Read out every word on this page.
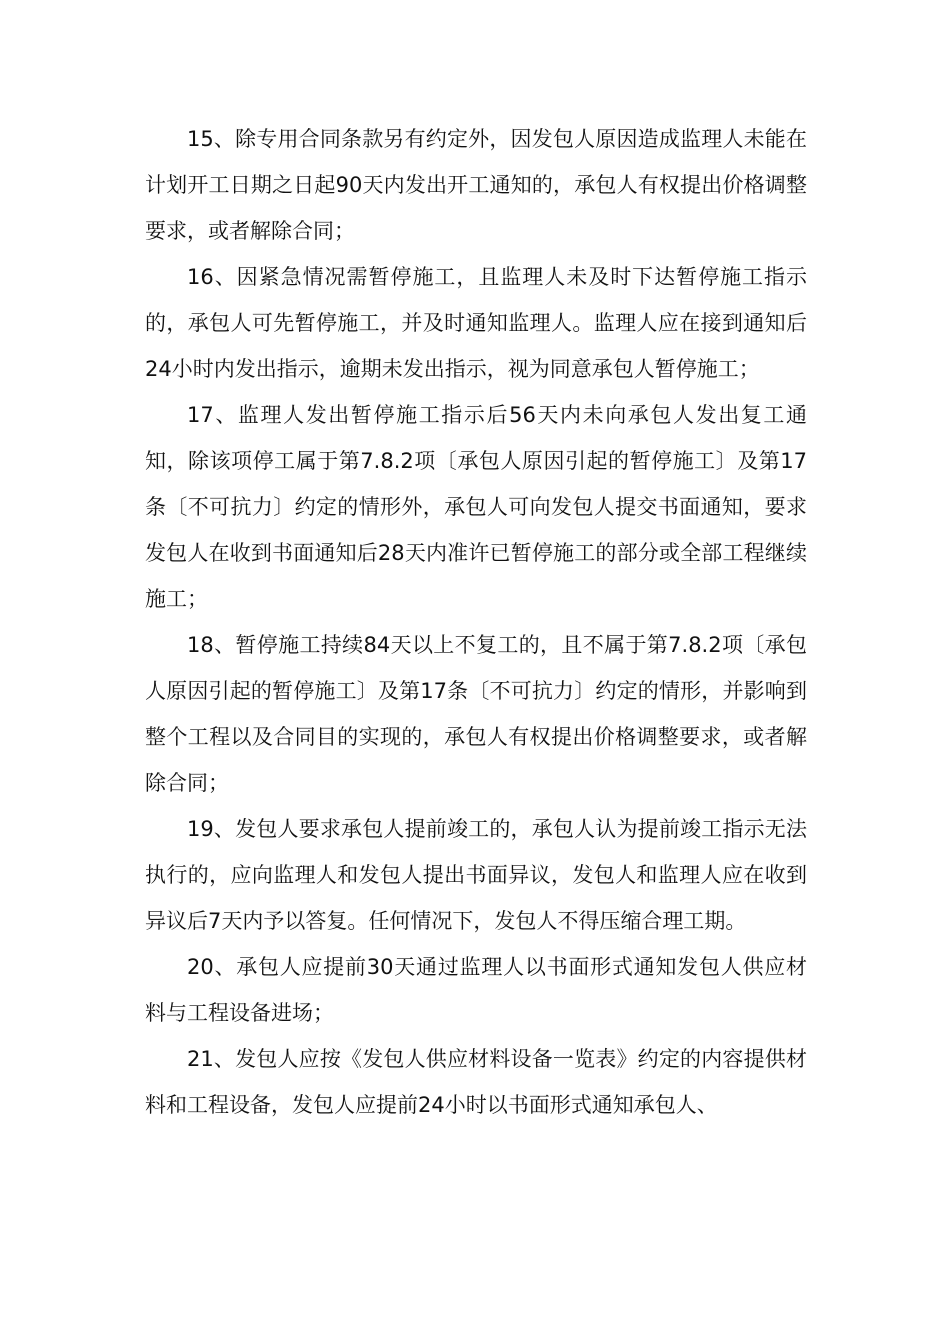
15、除专用合同条款另有约定外，因发包人原因造成监理人未能在计划开工日期之日起90天内发出开工通知的，承包人有权提出价格调整要求，或者解除合同；

16、因紧急情况需暂停施工，且监理人未及时下达暂停施工指示的，承包人可先暂停施工，并及时通知监理人。监理人应在接到通知后24小时内发出指示，逾期未发出指示，视为同意承包人暂停施工；

17、监理人发出暂停施工指示后56天内未向承包人发出复工通知，除该项停工属于第7.8.2项〔承包人原因引起的暂停施工〕及第17条〔不可抗力〕约定的情形外，承包人可向发包人提交书面通知，要求发包人在收到书面通知后28天内准许已暂停施工的部分或全部工程继续施工；

18、暂停施工持续84天以上不复工的，且不属于第7.8.2项〔承包人原因引起的暂停施工〕及第17条〔不可抗力〕约定的情形，并影响到整个工程以及合同目的实现的，承包人有权提出价格调整要求，或者解除合同；

19、发包人要求承包人提前竣工的，承包人认为提前竣工指示无法执行的，应向监理人和发包人提出书面异议，发包人和监理人应在收到异议后7天内予以答复。任何情况下，发包人不得压缩合理工期。

20、承包人应提前30天通过监理人以书面形式通知发包人供应材料与工程设备进场；

21、发包人应按《发包人供应材料设备一览表》约定的内容提供材料和工程设备，发包人应提前24小时以书面形式通知承包人、
